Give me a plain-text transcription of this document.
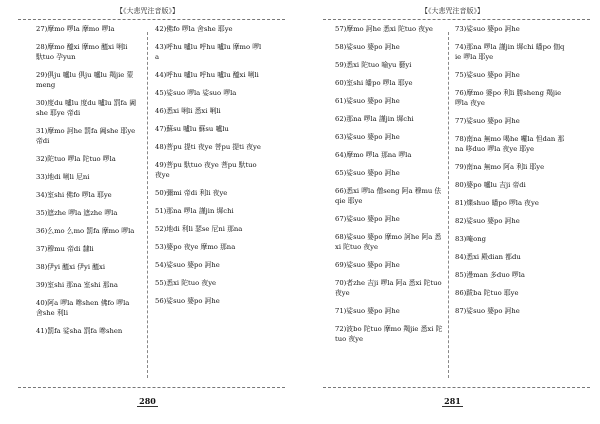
【《大悲咒注音版》】
27)摩mo 啰la 摩mo 啰la
28)摩mo 醯xi 摩mo 醯xi 唎li 馱tuo 孕yun
29)俱ju 嚧lu 俱ju 嚧lu 羯jie 蒙meng
30)度du 嚧lu 度du 嚧lu 罰fa 阇she 耶ye 帝di
31)摩mo 訶he 罰fa 阇she 耶ye 帝di
32)陀tuo 啰la 陀tuo 啰la
33)地di 唎li 尼ni
34)室shi 佛fo 啰la 耶ye
35)遮zhe 啰la 遮zhe 啰la
36)么mo 么mo 罰fa 摩mo 啰la
37)穆mu 帝di 隸li
38)伊yi 醯xi 伊yi 醯xi
39)室shi 那na 室shi 那na
40)阿a 啰la 嘇shen 佛fo 啰la 舍she 利li
41)罰fa 娑sha 罰fa 嘇shen
42)佛fo 啰la 舍she 耶ye
43)呼hu 嚧lu 呼hu 嚧lu 摩mo 啰la
44)呼hu 嚧lu 呼hu 嚧lu 醯xi 唎li
45)娑suo 啰la 娑suo 啰la
46)悉xi 唎li 悉xi 唎li
47)蘇su 嚧lu 蘇su 嚧lu
48)菩pu 提ti 夜ye 菩pu 提ti 夜ye
49)菩pu 馱tuo 夜ye 菩pu 馱tuo 夜ye
50)彌mi 帝di 利li 夜ye
51)那na 啰la 謹jin 墀chi
52)地di 利li 瑟se 尼ni 那na
53)婆po 夜ye 摩mo 那na
54)娑suo 婆po 訶he
55)悉xi 陀tuo 夜ye
56)娑suo 婆po 訶he
280
【《大悲咒注音版》】
57)摩mo 訶he 悉xi 陀tuo 夜ye
58)娑suo 婆po 訶he
59)悉xi 陀tuo 喻yu 藝yi
60)室shi 皤po 啰la 耶ye
61)娑suo 婆po 訶he
62)那na 啰la 謹jin 墀chi
63)娑suo 婆po 訶he
64)摩mo 啰la 那na 啰la
65)娑suo 婆po 訶he
66)悉xi 啰la 僧seng 阿a 穆mu 佉qie 耶ye
67)娑suo 婆po 訶he
68)娑suo 婆po 摩mo 訶he 阿a 悉xi 陀tuo 夜ye
69)娑suo 婆po 訶he
70)者zhe 吉ji 啰la 阿a 悉xi 陀tuo 夜ye
71)娑suo 婆po 訶he
72)波bo 陀tuo 摩mo 羯jie 悉xi 陀tuo 夜ye
73)娑suo 婆po 訶he
74)那na 啰la 謹jin 墀chi 皤po 伽qie 啰la 耶ye
75)娑suo 婆po 訶he
76)摩mo 婆po 利li 勝sheng 羯jie 啰la 夜ye
77)娑suo 婆po 訶he
78)南na 無mo 喝he 囉la 怛dan 那na 哆duo 啰la 夜ye 耶ye
79)南na 無mo 阿a 利li 耶ye
80)婆po 嚧lu 吉ji 帝di
81)爍shuo 皤po 啰la 夜ye
82)娑suo 婆po 訶he
83)唵ong
84)悉xi 殿dian 都du
85)漫man 多duo 啰la
86)跋ba 陀tuo 耶ye
87)娑suo 婆po 訶he
281
